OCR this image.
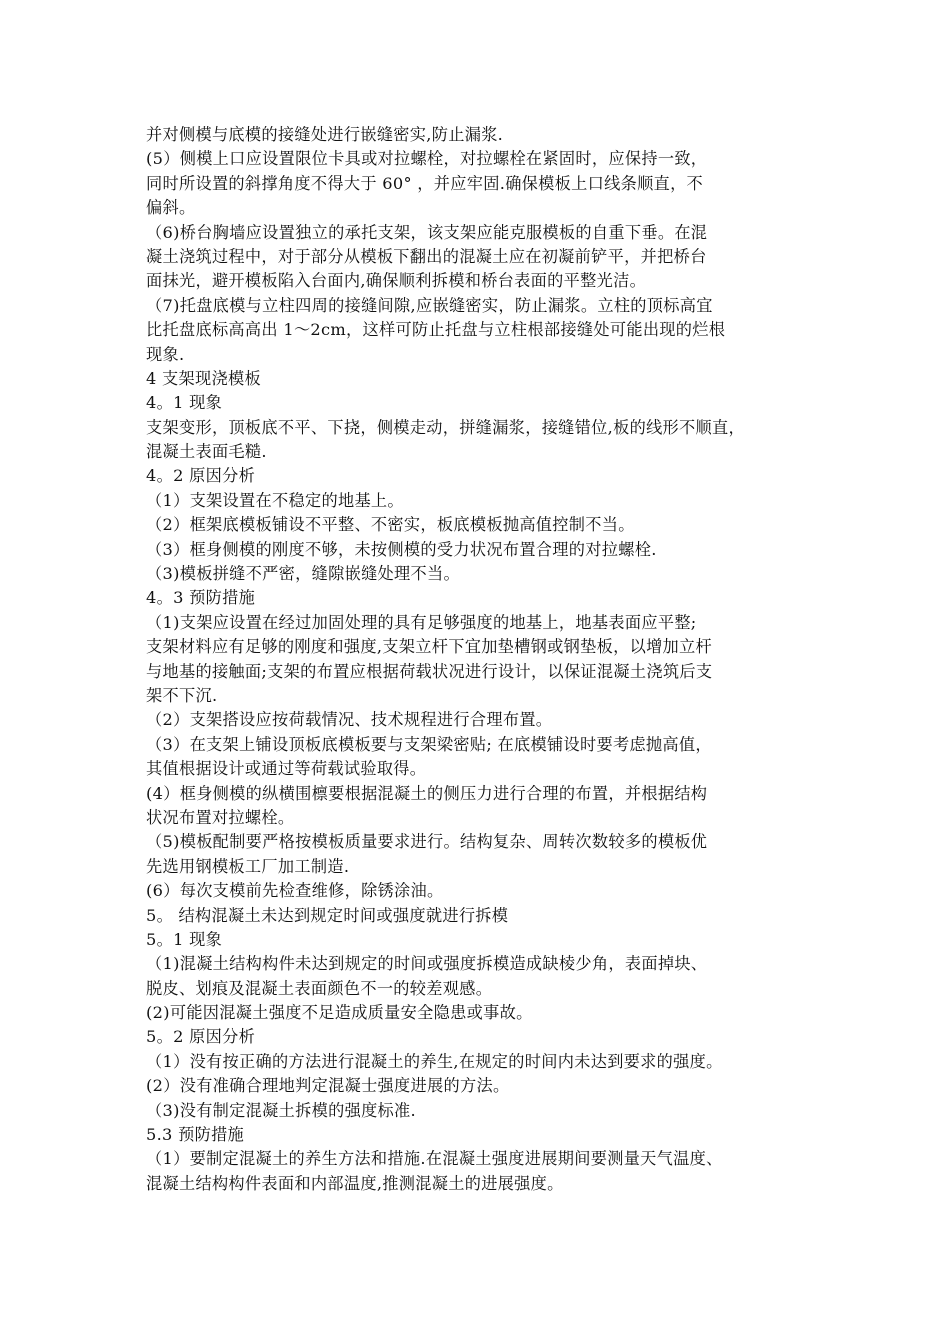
并对侧模与底模的接缝处进行嵌缝密实,防止漏浆.
(5）侧模上口应设置限位卡具或对拉螺栓，对拉螺栓在紧固时，应保持一致，
同时所设置的斜撑角度不得大于 60° ，并应牢固.确保模板上口线条顺直，不
偏斜。
（6)桥台胸墙应设置独立的承托支架，该支架应能克服模板的自重下垂。在混
凝土浇筑过程中，对于部分从模板下翻出的混凝土应在初凝前铲平，并把桥台
面抹光，避开模板陷入台面内,确保顺利拆模和桥台表面的平整光洁。
（7)托盘底模与立柱四周的接缝间隙,应嵌缝密实，防止漏浆。立柱的顶标高宜
比托盘底标高高出 1～2cm，这样可防止托盘与立柱根部接缝处可能出现的烂根
现象.
4 支架现浇模板
4。1 现象
支架变形，顶板底不平、下挠，侧模走动，拼缝漏浆，接缝错位,板的线形不顺直，
混凝土表面毛糙.
4。2 原因分析
（1）支架设置在不稳定的地基上。
（2）框架底模板铺设不平整、不密实，板底模板抛高值控制不当。
（3）框身侧模的刚度不够，未按侧模的受力状况布置合理的对拉螺栓.
（3)模板拼缝不严密，缝隙嵌缝处理不当。
4。3 预防措施
（1)支架应设置在经过加固处理的具有足够强度的地基上，地基表面应平整;
支架材料应有足够的刚度和强度,支架立杆下宜加垫槽钢或钢垫板，以增加立杆
与地基的接触面;支架的布置应根据荷载状况进行设计，以保证混凝土浇筑后支
架不下沉.
（2）支架搭设应按荷载情况、技术规程进行合理布置。
（3）在支架上铺设顶板底模板要与支架梁密贴; 在底模铺设时要考虑抛高值，
其值根据设计或通过等荷载试验取得。
(4）框身侧模的纵横围檩要根据混凝土的侧压力进行合理的布置，并根据结构
状况布置对拉螺栓。
（5)模板配制要严格按模板质量要求进行。结构复杂、周转次数较多的模板优
先选用钢模板工厂加工制造.
(6）每次支模前先检查维修，除锈涂油。
5。 结构混凝土未达到规定时间或强度就进行拆模
5。1 现象
（1)混凝土结构构件未达到规定的时间或强度拆模造成缺棱少角，表面掉块、
脱皮、划痕及混凝土表面颜色不一的较差观感。
(2)可能因混凝土强度不足造成质量安全隐患或事故。
5。2 原因分析
（1）没有按正确的方法进行混凝土的养生,在规定的时间内未达到要求的强度。
(2）没有准确合理地判定混凝士强度进展的方法。
（3)没有制定混凝土拆模的强度标准.
5.3 预防措施
（1）要制定混凝土的养生方法和措施.在混凝土强度进展期间要测量天气温度、
混凝土结构构件表面和内部温度,推测混凝土的进展强度。
